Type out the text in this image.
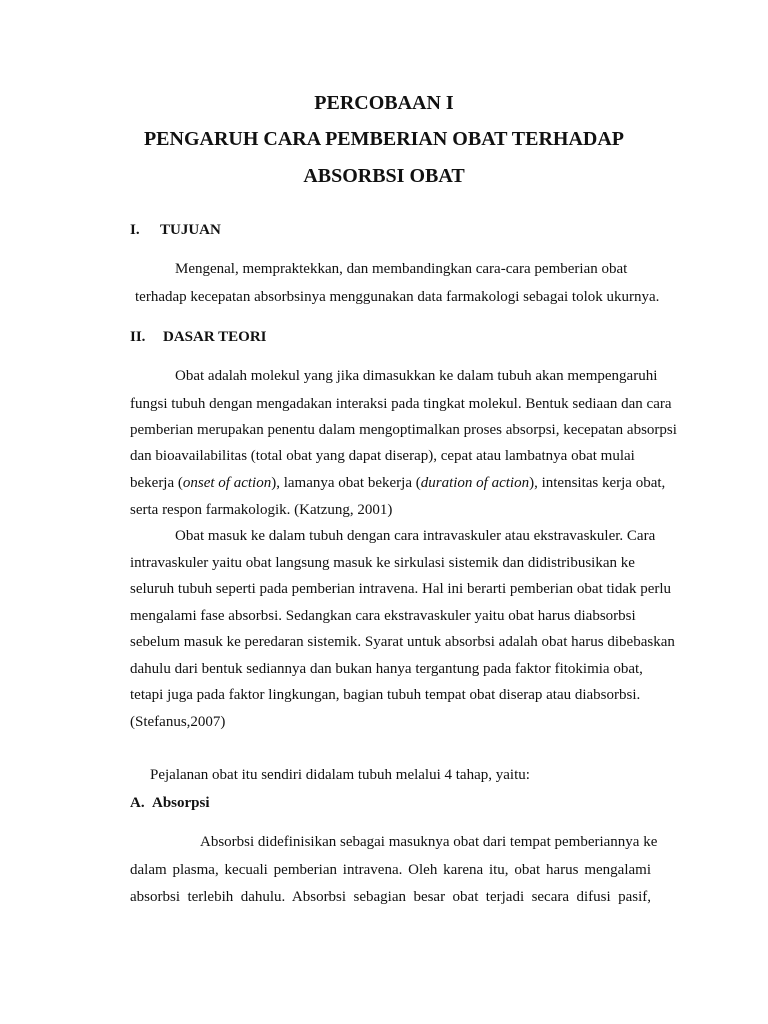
PERCOBAAN I
PENGARUH CARA PEMBERIAN OBAT TERHADAP
ABSORBSI OBAT
I. TUJUAN
Mengenal, mempraktekkan, dan membandingkan cara-cara pemberian obat
terhadap kecepatan absorbsinya menggunakan data farmakologi sebagai tolok ukurnya.
II. DASAR TEORI
Obat adalah molekul yang jika dimasukkan ke dalam tubuh akan mempengaruhi
fungsi tubuh dengan mengadakan interaksi pada tingkat molekul. Bentuk sediaan dan cara
pemberian merupakan penentu dalam mengoptimalkan proses absorpsi, kecepatan absorpsi
dan bioavailabilitas (total obat yang dapat diserap), cepat atau lambatnya obat mulai
bekerja (onset of action), lamanya obat bekerja (duration of action), intensitas kerja obat,
serta respon farmakologik. (Katzung, 2001)
Obat masuk ke dalam tubuh dengan cara intravaskuler atau ekstravaskuler. Cara
intravaskuler yaitu obat langsung masuk ke sirkulasi sistemik dan didistribusikan ke
seluruh tubuh seperti pada pemberian intravena. Hal ini berarti pemberian obat tidak perlu
mengalami fase absorbsi. Sedangkan cara ekstravaskuler yaitu obat harus diabsorbsi
sebelum masuk ke peredaran sistemik. Syarat untuk absorbsi adalah obat harus dibebaskan
dahulu dari bentuk sediannya dan bukan hanya tergantung pada faktor fitokimia obat,
tetapi juga pada faktor lingkungan, bagian tubuh tempat obat diserap atau diabsorbsi.
(Stefanus,2007)
Pejalanan obat itu sendiri didalam tubuh melalui 4 tahap, yaitu:
A. Absorpsi
Absorbsi didefinisikan sebagai masuknya obat dari tempat pemberiannya ke
dalam plasma, kecuali pemberian intravena. Oleh karena itu, obat harus mengalami
absorbsi terlebih dahulu. Absorbsi sebagian besar obat terjadi secara difusi pasif,
